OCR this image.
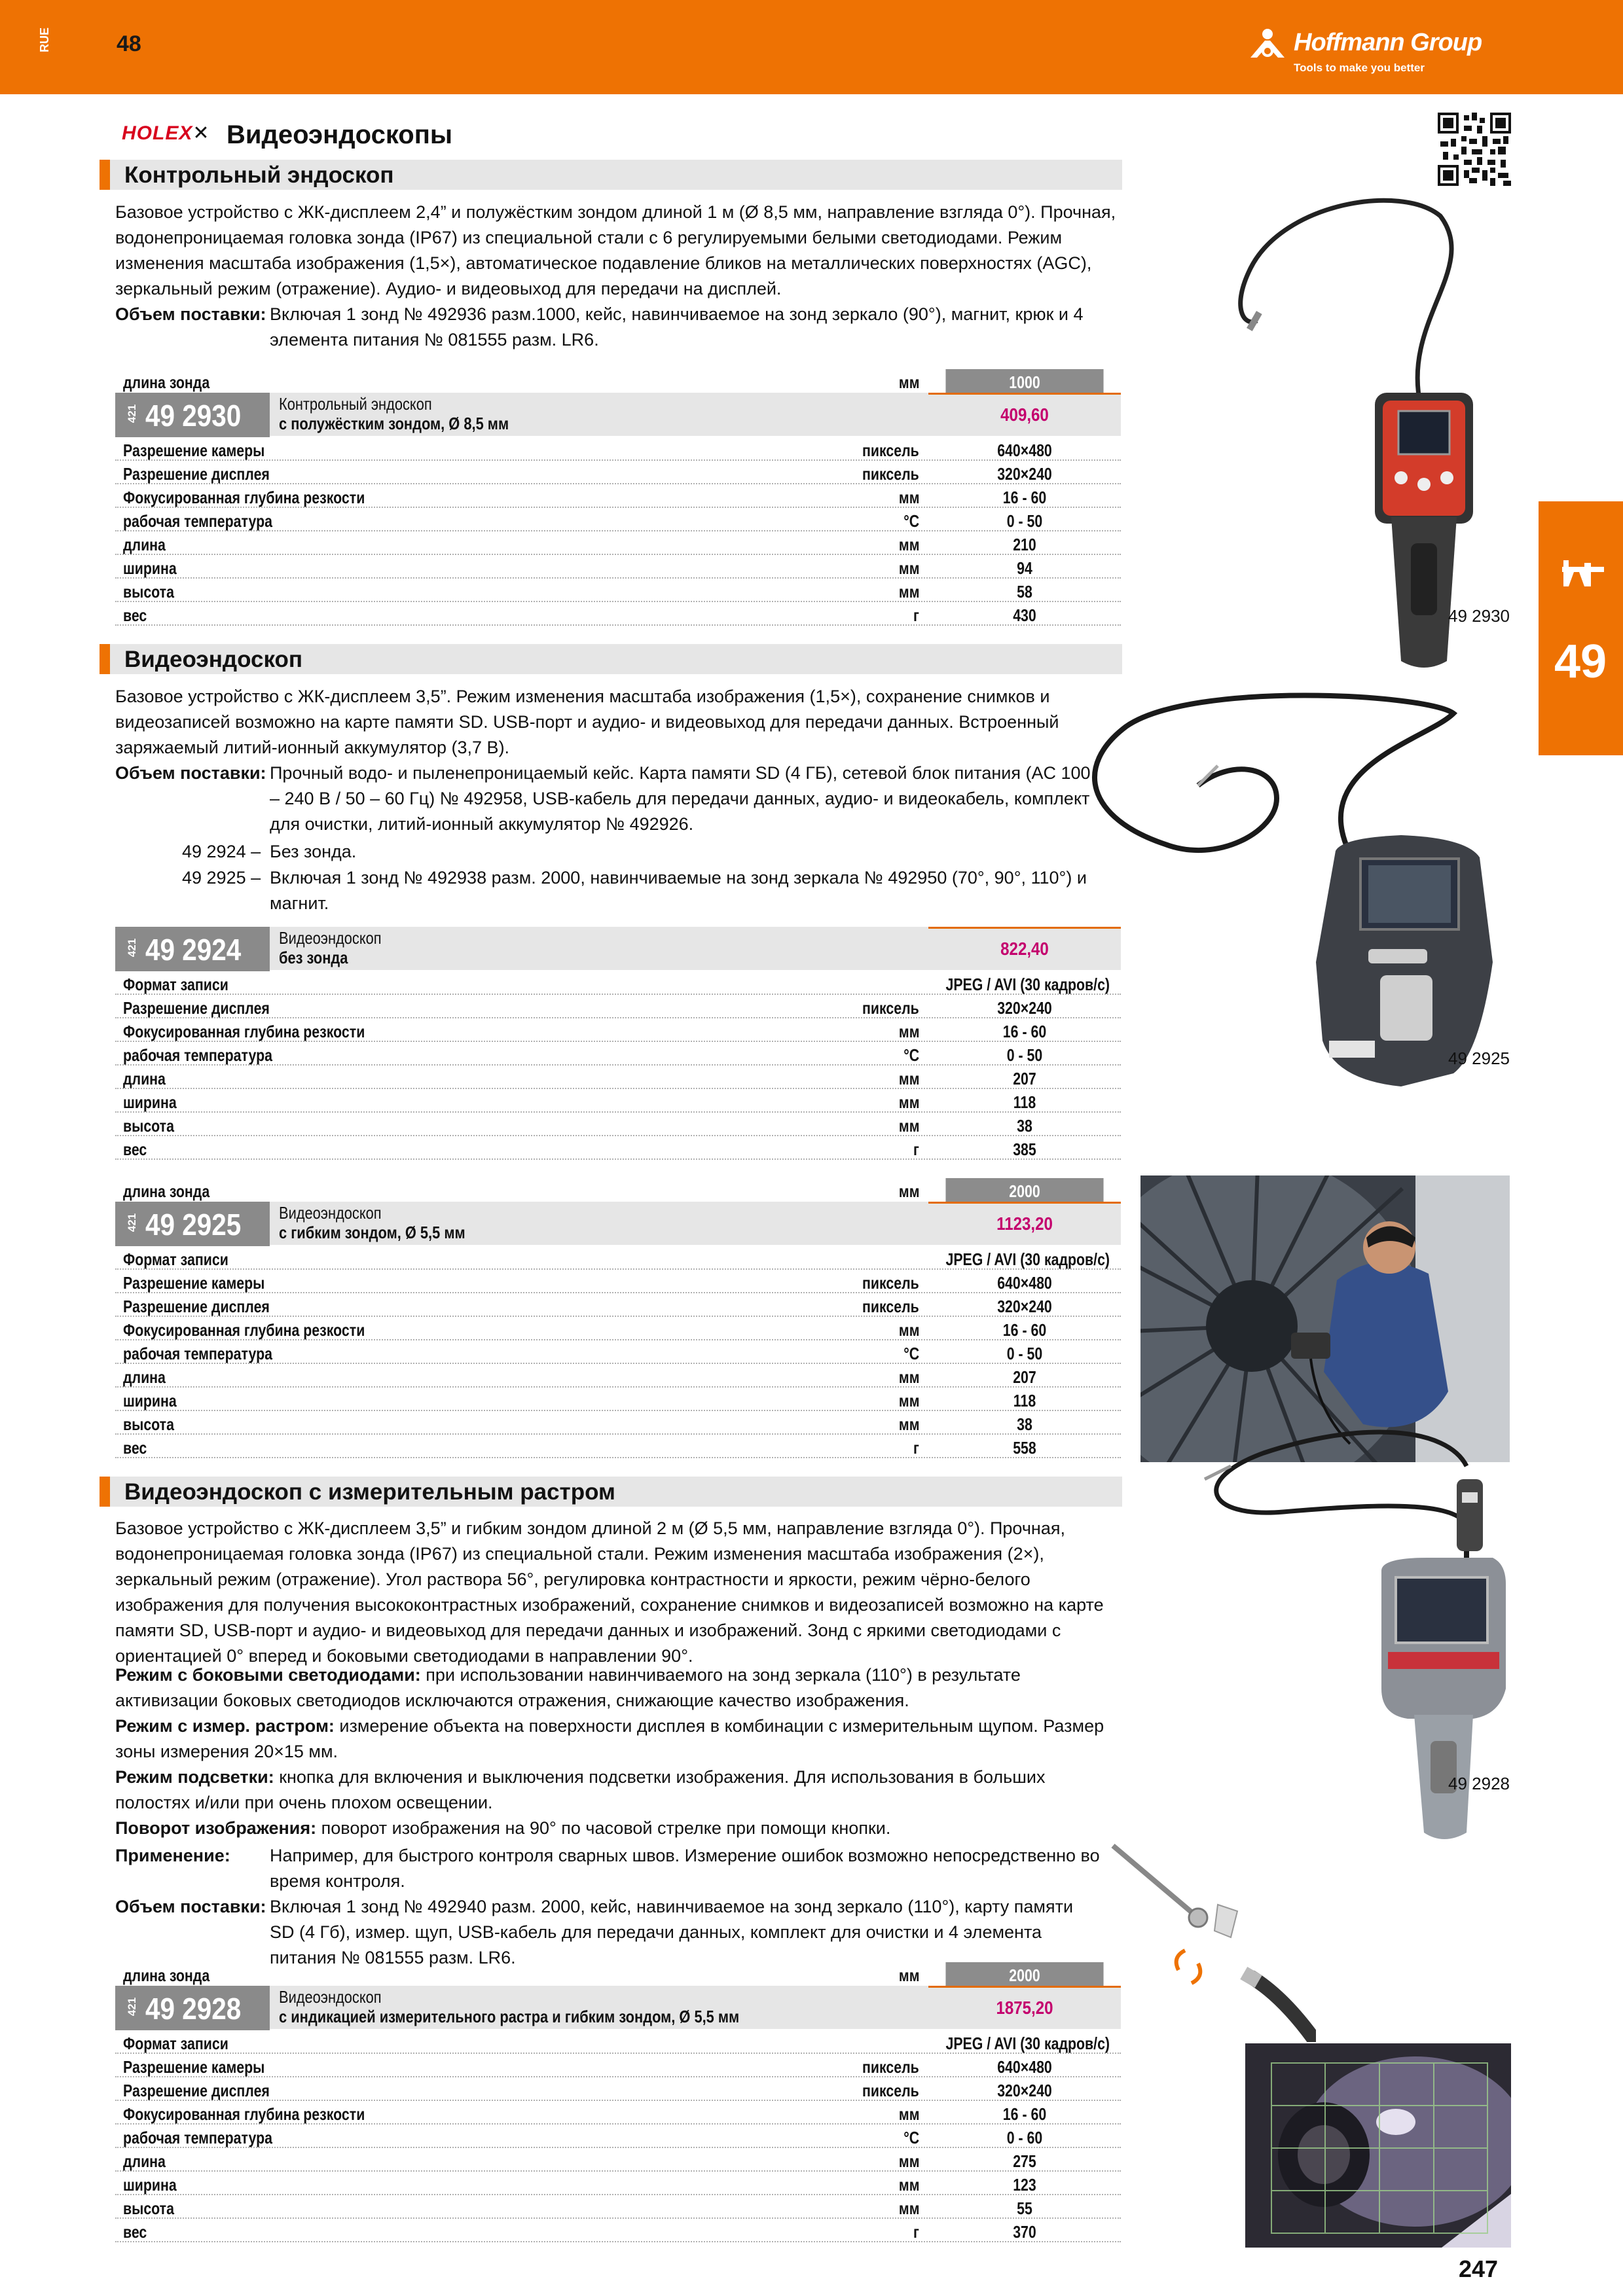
RUE	48	Hoffmann Group
Tools to make you better
HOLEX✕ Видеоэндоскопы
49
Контрольный эндоскоп
Базовое устройство с ЖК-дисплеем 2,4” и полужёстким зондом длиной 1 м (Ø 8,5 мм, направление взгляда 0°). Прочная, водонепроницаемая головка зонда (IP67) из специальной стали с 6 регулируемыми белыми светодиодами. Режим изменения масштаба изображения (1,5×), автоматическое подавление бликов на металлических поверхностях (AGC), зеркальный режим (отражение). Аудио- и видеовыход для передачи на дисплей.
Объем поставки: Включая 1 зонд № 492936 разм.1000, кейс, навинчиваемое на зонд зеркало (90°), магнит, крюк и 4 элемента питания № 081555 разм. LR6.
длина зонда	мм	1000
421 49 2930 Контрольный эндоскоп
с полужёстким зондом, Ø 8,5 мм	409,60
Разрешение камеры	пиксель	640×480
Разрешение дисплея	пиксель	320×240
Фокусированная глубина резкости	мм	16 - 60
рабочая температура	°C	0 - 50
длина	мм	210
ширина	мм	94
высота	мм	58
вес	г	430
Видеоэндоскоп
Базовое устройство с ЖК-дисплеем 3,5”. Режим изменения масштаба изображения (1,5×), сохранение снимков и видеозаписей возможно на карте памяти SD. USB-порт и аудио- и видеовыход для передачи данных. Встроенный заряжаемый литий-ионный аккумулятор (3,7 В).
Объем поставки: Прочный водо- и пыленепроницаемый кейс. Карта памяти SD (4 ГБ), сетевой блок питания (AC 100 – 240 В / 50 – 60 Гц) № 492958, USB-кабель для передачи данных, аудио- и видеокабель, комплект для очистки, литий-ионный аккумулятор № 492926.
49 2924 – Без зонда.
49 2925 – Включая 1 зонд № 492938 разм. 2000, навинчиваемые на зонд зеркала № 492950 (70°, 90°, 110°) и магнит.
421 49 2924 Видеоэндоскоп
без зонда	822,40
Формат записи	JPEG / AVI (30 кадров/с)
Разрешение дисплея	пиксель	320×240
Фокусированная глубина резкости	мм	16 - 60
рабочая температура	°C	0 - 50
длина	мм	207
ширина	мм	118
высота	мм	38
вес	г	385
длина зонда	мм	2000
421 49 2925 Видеоэндоскоп
с гибким зондом, Ø 5,5 мм	1123,20
Формат записи	JPEG / AVI (30 кадров/с)
Разрешение камеры	пиксель	640×480
Разрешение дисплея	пиксель	320×240
Фокусированная глубина резкости	мм	16 - 60
рабочая температура	°C	0 - 50
длина	мм	207
ширина	мм	118
высота	мм	38
вес	г	558
Видеоэндоскоп с измерительным растром
Базовое устройство с ЖК-дисплеем 3,5” и гибким зондом длиной 2 м (Ø 5,5 мм, направление взгляда 0°). Прочная, водонепроницаемая головка зонда (IP67) из специальной стали. Режим изменения масштаба изображения (2×), зеркальный режим (отражение). Угол раствора 56°, регулировка контрастности и яркости, режим чёрно-белого изображения для получения высококонтрастных изображений, сохранение снимков и видеозаписей возможно на карте памяти SD, USB-порт и аудио- и видеовыход для передачи данных и изображений. Зонд с яркими светодиодами с ориентацией 0° вперед и боковыми светодиодами в направлении 90°.
Режим с боковыми светодиодами: при использовании навинчиваемого на зонд зеркала (110°) в результате активизации боковых светодиодов исключаются отражения, снижающие качество изображения.
Режим с измер. растром: измерение объекта на поверхности дисплея в комбинации с измерительным щупом. Размер зоны измерения 20×15 мм.
Режим подсветки: кнопка для включения и выключения подсветки изображения. Для использования в больших полостях и/или при очень плохом освещении.
Поворот изображения: поворот изображения на 90° по часовой стрелке при помощи кнопки.
Применение: Например, для быстрого контроля сварных швов. Измерение ошибок возможно непосредственно во время контроля.
Объем поставки: Включая 1 зонд № 492940 разм. 2000, кейс, навинчиваемое на зонд зеркало (110°), карту памяти SD (4 Гб), измер. щуп, USB-кабель для передачи данных, комплект для очистки и 4 элемента питания № 081555 разм. LR6.
длина зонда	мм	2000
421 49 2928 Видеоэндоскоп
с индикацией измерительного растра и гибким зондом, Ø 5,5 мм	1875,20
Формат записи	JPEG / AVI (30 кадров/с)
Разрешение камеры	пиксель	640×480
Разрешение дисплея	пиксель	320×240
Фокусированная глубина резкости	мм	16 - 60
рабочая температура	°C	0 - 60
длина	мм	275
ширина	мм	123
высота	мм	55
вес	г	370
49 2930
49 2925
49 2928
247
